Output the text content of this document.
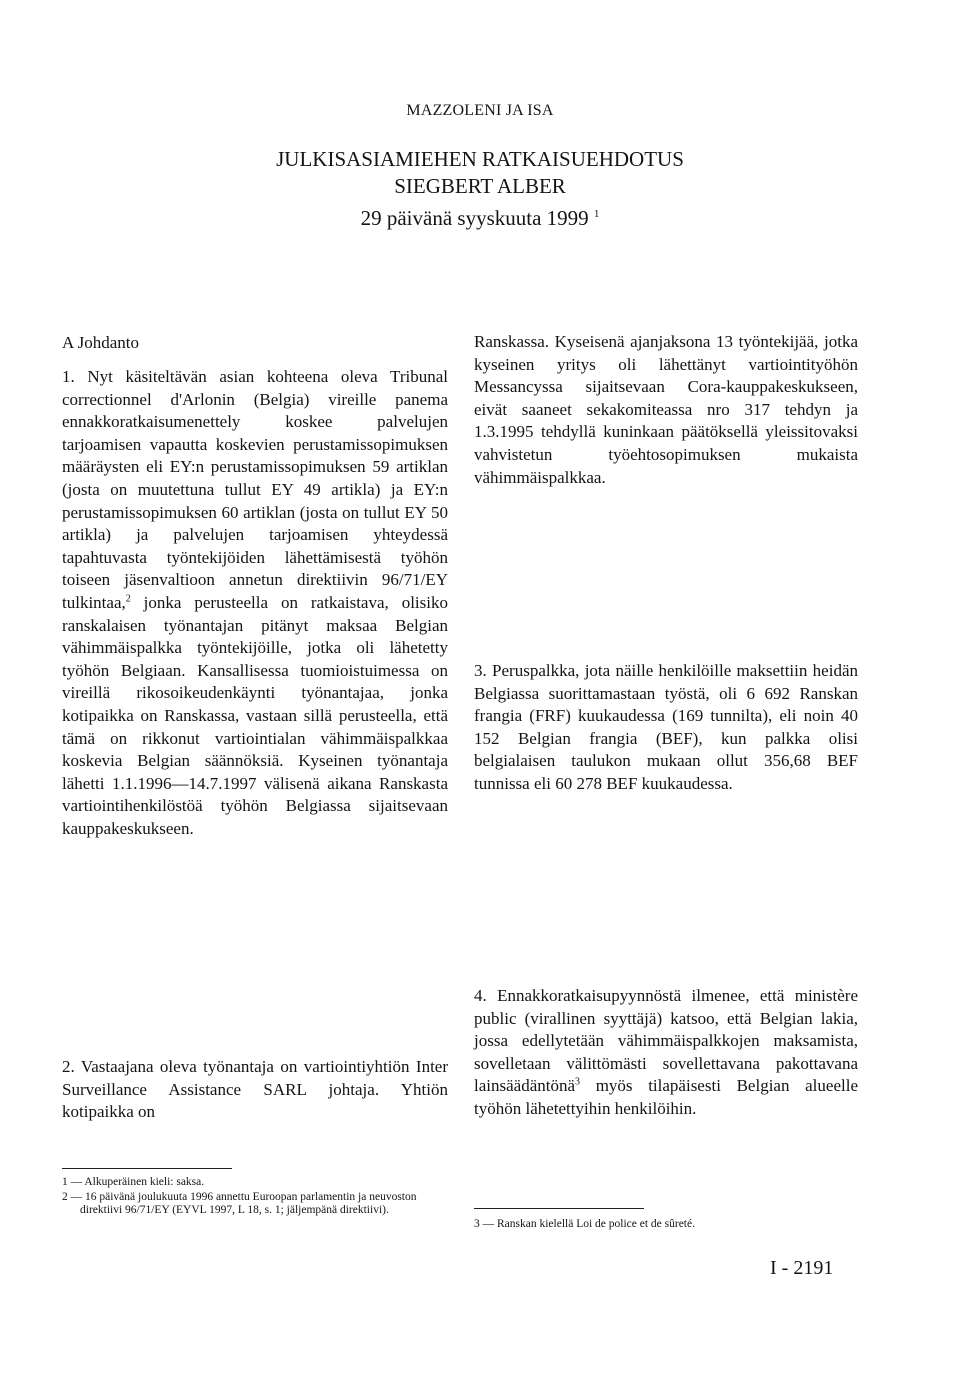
MAZZOLENI JA ISA
JULKISASIAMIEHEN RATKAISUEHDOTUS
SIEGBERT ALBER
29 päivänä syyskuuta 1999 $^1$
A Johdanto

1. Nyt käsiteltävän asian kohteena oleva Tribunal correctionnel d'Arlonin (Belgia) vireille panema ennakkoratkaisumenettely koskee palvelujen tarjoamisen vapautta koskevien perustamissopimuksen määräysten eli EY:n perustamissopimuksen 59 artiklan (josta on muutettuna tullut EY 49 artikla) ja EY:n perustamissopimuksen 60 artiklan (josta on tullut EY 50 artikla) ja palvelujen tarjoamisen yhteydessä tapahtuvasta työntekijöiden lähettämisestä työhön toiseen jäsenvaltioon annetun direktiivin 96/71/EY tulkintaa,$^2$ jonka perusteella on ratkaistava, olisiko ranskalaisen työnantajan pitänyt maksaa Belgian vähimmäispalkka työntekijöille, jotka oli lähetetty työhön Belgiaan. Kansallisessa tuomioistuimessa on vireillä rikosoikeudenkäynti työnantajaa, jonka kotipaikka on Ranskassa, vastaan sillä perusteella, että tämä on rikkonut vartiointialan vähimmäispalkkaa koskevia Belgian säännöksiä. Kyseinen työnantaja lähetti 1.1.1996—14.7.1997 välisenä aikana Ranskasta vartiointihenkilöstöä työhön Belgiassa sijaitsevaan kauppakeskukseen.

2. Vastaajana oleva työnantaja on vartiointiyhtiön Inter Surveillance Assistance SARL johtaja. Yhtiön kotipaikka on

Ranskassa. Kyseisenä ajanjaksona 13 työntekijää, jotka kyseinen yritys oli lähettänyt vartiointityöhön Messancyssa sijaitsevaan Cora-kauppakeskukseen, eivät saaneet sekakomiteassa nro 317 tehdyn ja 1.3.1995 tehdyllä kuninkaan päätöksellä yleissitovaksi vahvistetun työehtosopimuksen mukaista vähimmäispalkkaa.

3. Peruspalkka, jota näille henkilöille maksettiin heidän Belgiassa suorittamastaan työstä, oli 6 692 Ranskan frangia (FRF) kuukaudessa (169 tunnilta), eli noin 40 152 Belgian frangia (BEF), kun palkka olisi belgialaisen taulukon mukaan ollut 356,68 BEF tunnissa eli 60 278 BEF kuukaudessa.

4. Ennakkoratkaisupyynnöstä ilmenee, että ministère public (virallinen syyttäjä) katsoo, että Belgian lakia, jossa edellytetään vähimmäispalkkojen maksamista, sovelletaan välittömästi sovellettavana pakottavana lainsäädäntönä$^3$ myös tilapäisesti Belgian alueelle työhön lähetettyihin henkilöihin.

1 — Alkuperäinen kieli: saksa.

2 — 16 päivänä joulukuuta 1996 annettu Euroopan parlamentin ja neuvoston direktiivi 96/71/EY (EYVL 1997, L 18, s. 1; jäljempänä direktiivi).

3 — Ranskan kielellä Loi de police et de sûreté.

I - 2191
